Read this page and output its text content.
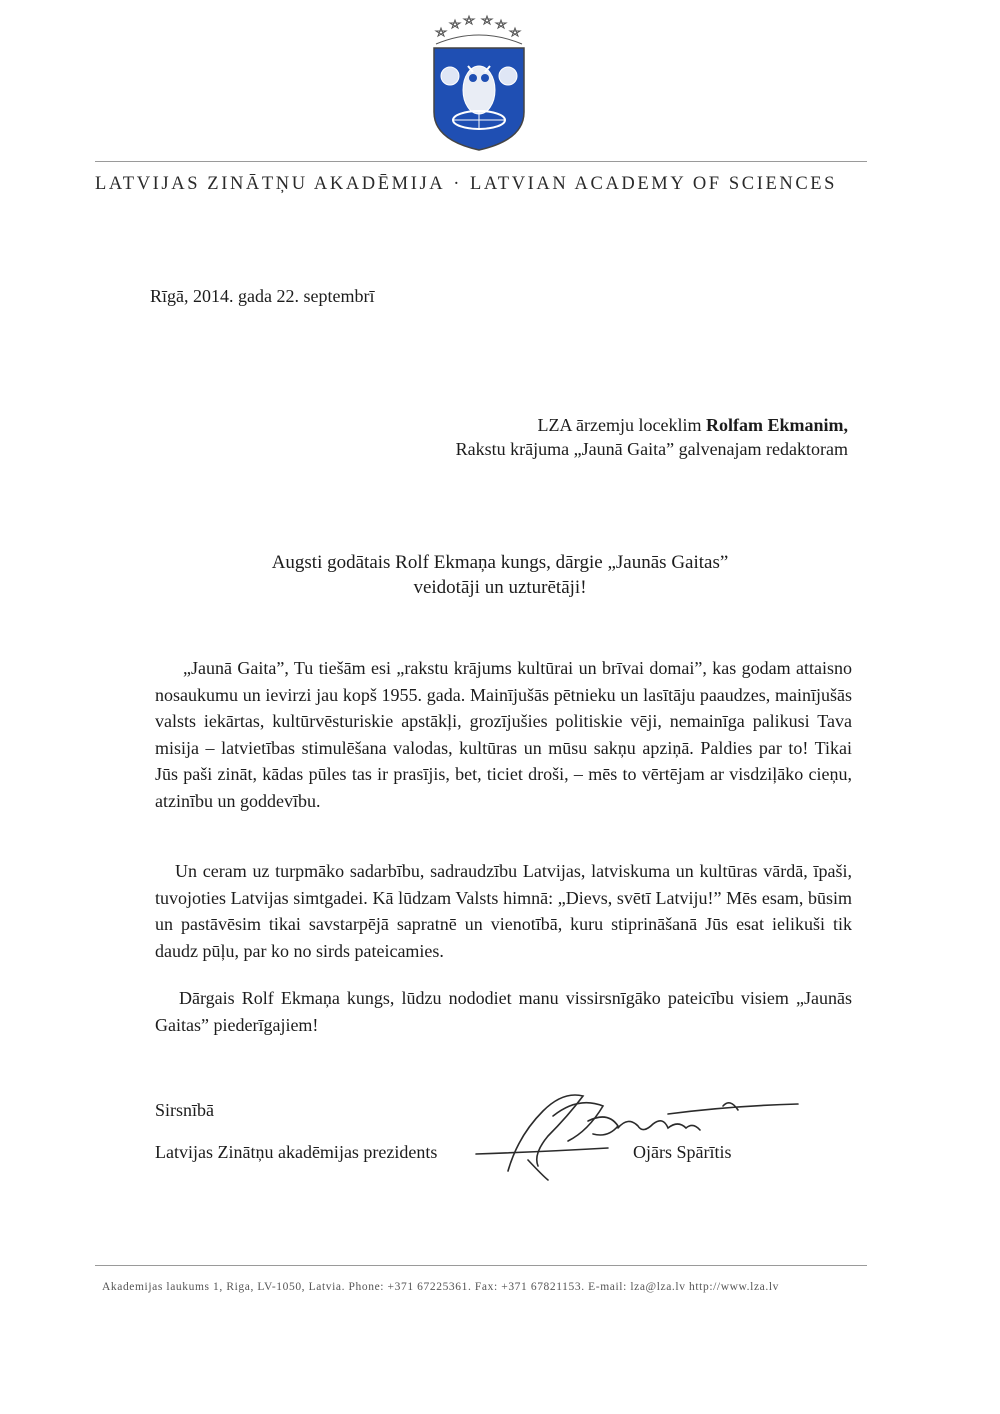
LATVIJAS ZINĀTŅU AKADĒMIJA · LATVIAN ACADEMY OF SCIENCES
Rīgā, 2014. gada 22. septembrī
LZA ārzemju loceklim Rolfam Ekmanim,
Rakstu krājuma „Jaunā Gaita” galvenajam redaktoram
Augsti godātais Rolf Ekmaņa kungs, dārgie „Jaunās Gaitas”
veidotāji un uzturētāji!
„Jaunā Gaita”, Tu tiešām esi „rakstu krājums kultūrai un brīvai domai”, kas godam attaisno nosaukumu un ievirzi jau kopš 1955. gada. Mainījušās pētnieku un lasītāju paaudzes, mainījušās valsts iekārtas, kultūrvēsturiskie apstākļi, grozījušies politiskie vēji, nemainīga palikusi Tava misija – latvietības stimulēšana valodas, kultūras un mūsu sakņu apziņā. Paldies par to! Tikai Jūs paši zināt, kādas pūles tas ir prasījis, bet, ticiet droši, – mēs to vērtējam ar visdziļāko cieņu, atzinību un goddevību.
Un ceram uz turpmāko sadarbību, sadraudzību Latvijas, latviskuma un kultūras vārdā, īpaši, tuvojoties Latvijas simtgadei. Kā lūdzam Valsts himnā: „Dievs, svētī Latviju!” Mēs esam, būsim un pastāvēsim tikai savstarpējā sapratnē un vienotībā, kuru stiprināšanā Jūs esat ielikuši tik daudz pūļu, par ko no sirds pateicamies.
Dārgais Rolf Ekmaņa kungs, lūdzu nododiet manu vissirsnīgāko pateicību visiem „Jaunās Gaitas” piederīgajiem!
Sirsnībā
Latvijas Zinātņu akadēmijas prezidents	Ojārs Spārītis
Akademijas laukums 1, Riga, LV-1050, Latvia. Phone: +371 67225361. Fax: +371 67821153. E-mail: lza@lza.lv http://www.lza.lv
